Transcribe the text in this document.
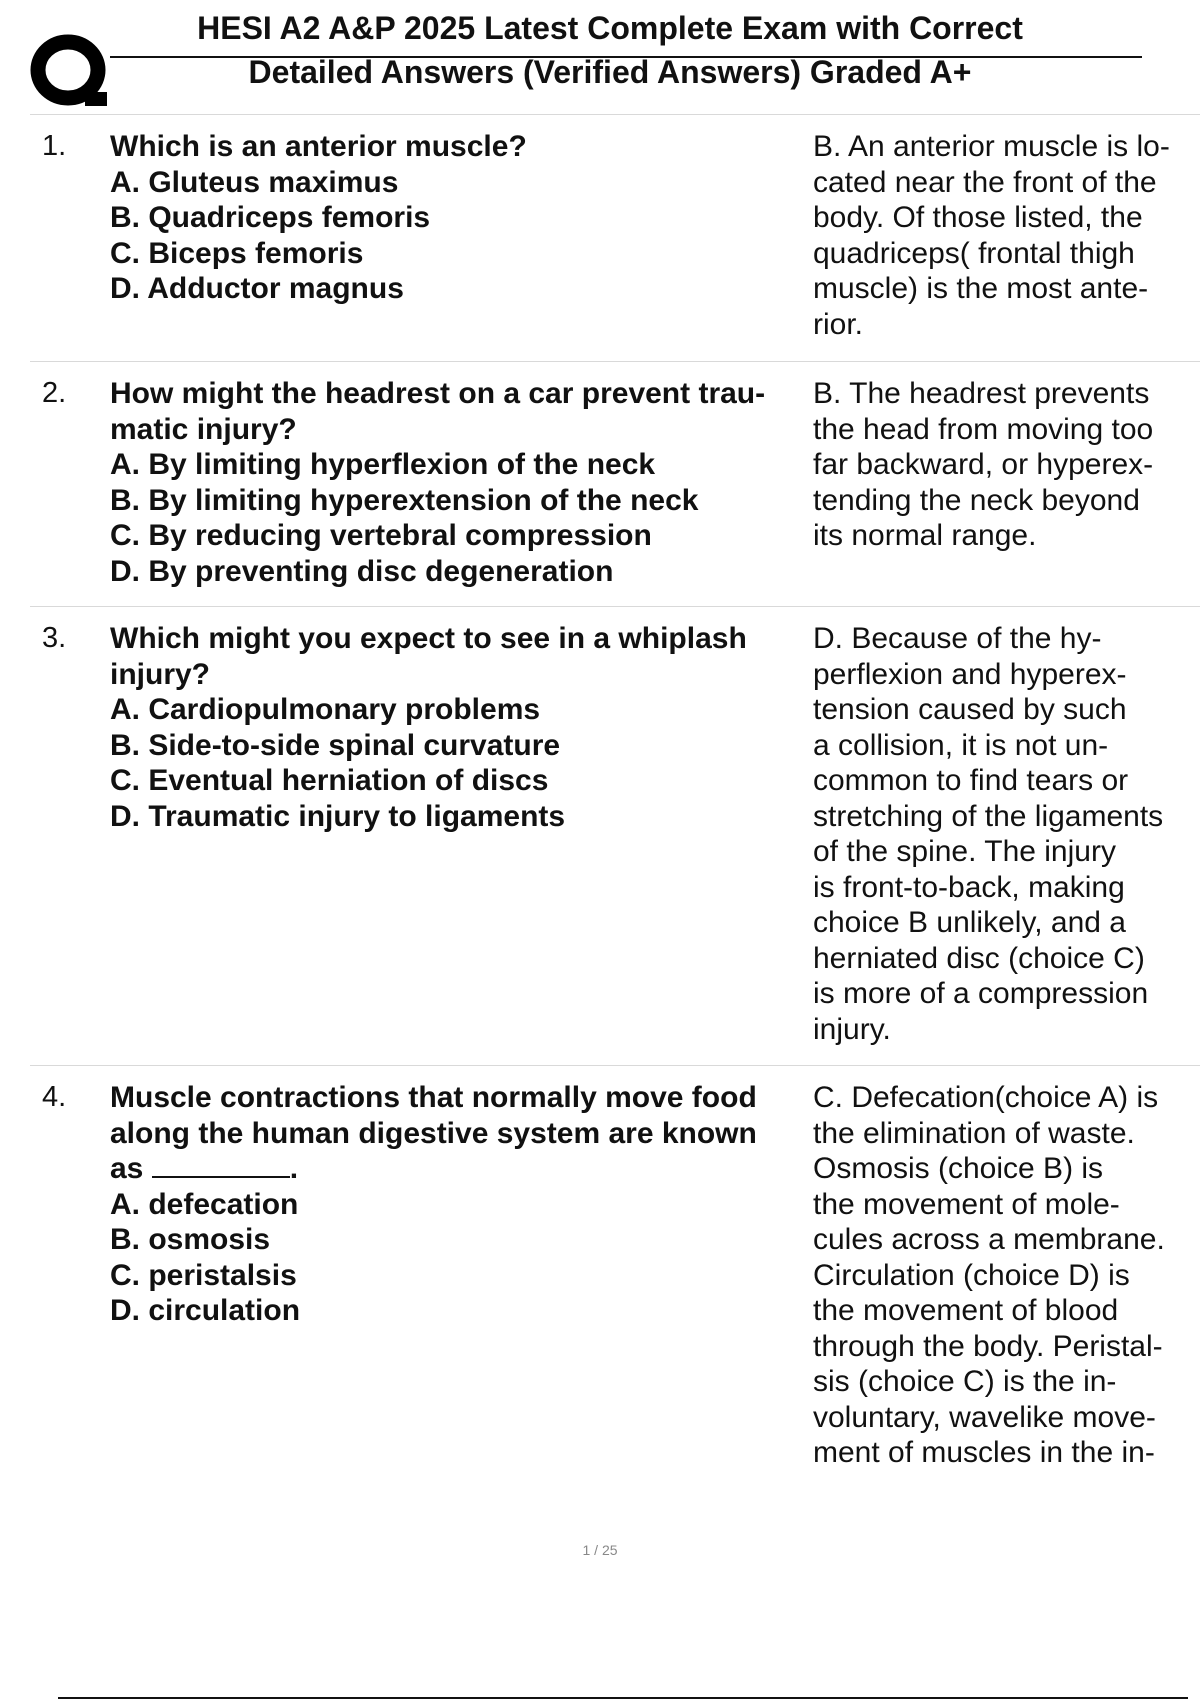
HESI A2 A&P 2025 Latest Complete Exam with Correct
Detailed Answers (Verified Answers) Graded A+
1. Which is an anterior muscle?
A. Gluteus maximus
B. Quadriceps femoris
C. Biceps femoris
D. Adductor magnus
B. An anterior muscle is lo-
cated near the front of the
body. Of those listed, the
quadriceps( frontal thigh
muscle) is the most ante-
rior.
2. How might the headrest on a car prevent trau-
matic injury?
A. By limiting hyperflexion of the neck
B. By limiting hyperextension of the neck
C. By reducing vertebral compression
D. By preventing disc degeneration
B. The headrest prevents
the head from moving too
far backward, or hyperex-
tending the neck beyond
its normal range.
3. Which might you expect to see in a whiplash
injury?
A. Cardiopulmonary problems
B. Side-to-side spinal curvature
C. Eventual herniation of discs
D. Traumatic injury to ligaments
D. Because of the hy-
perflexion and hyperex-
tension caused by such
a collision, it is not un-
common to find tears or
stretching of the ligaments
of the spine. The injury
is front-to-back, making
choice B unlikely, and a
herniated disc (choice C)
is more of a compression
injury.
4. Muscle contractions that normally move food
along the human digestive system are known
as	.
A. defecation
B. osmosis
C. peristalsis
D. circulation
C. Defecation(choice A) is
the elimination of waste.
Osmosis (choice B) is
the movement of mole-
cules across a membrane.
Circulation (choice D) is
the movement of blood
through the body. Peristal-
sis (choice C) is the in-
voluntary, wavelike move-
ment of muscles in the in-
1 / 25
